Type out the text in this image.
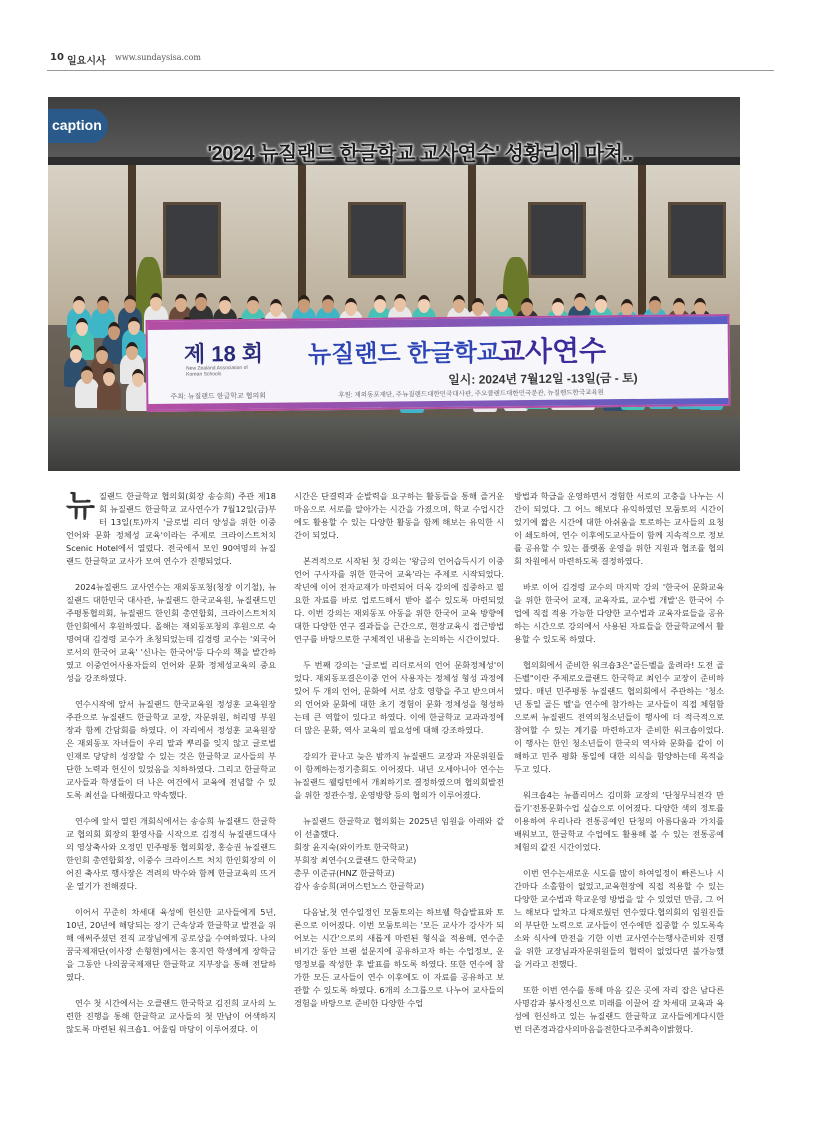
10 일요시사 www.sundaysisa.com
caption
'2024 뉴질랜드 한글학교 교사연수' 성황리에 마쳐..
제 18 회 뉴질랜드 한글학교
교사연수
New Zealand Association of Korean Schools	일시: 2024년 7월12일 -13일(금 - 토)
주최: 뉴질랜드 한글학교 협의회	후원: 재외동포재단, 주뉴질랜드대한민국대사관, 주오클랜드대한민국분관, 뉴질랜드한국교육원

뉴질랜드 한글학교 협의회(회장 송승희) 주관 제18회 뉴질랜드 한글학교 교사연수가 7월12일(금)부터 13일(토)까지 '글로벌 리더 양성을 위한 이중언어와 문화 정체성 교육'이라는 주제로 크라이스트처치 Scenic Hotel에서 열렸다. 전국에서 모인 90여명의 뉴질랜드 한글학교 교사가 모여 연수가 진행되었다.

2024뉴질랜드 교사연수는 재외동포청(청장 이기철), 뉴질랜드 대한민국 대사관, 뉴질랜드 한국교육원, 뉴질랜드민주평통협의회, 뉴질랜드 한인회 총연합회, 크라이스트처치 한인회에서 후원하였다. 올해는 재외동포청의 후원으로 숙명여대 김경령 교수가 초청되었는데 김경령 교수는 '외국어로서의 한국어 교육' '신나는 한국어'등 다수의 책을 발간하였고 이중언어사용자들의 언어와 문화 정체성교육의 중요성을 강조하였다.

연수시작에 앞서 뉴질랜드 한국교육원 정성훈 교육원장 주관으로 뉴질랜드 한글학교 교장, 자문위원, 허리명 부원장과 함께 간담회를 하였다. 이 자리에서 정성훈 교육원장은 재외동포 자녀들이 우리 말과 뿌리를 잊지 않고 글로벌 인재로 당당히 성장할 수 있는 것은 한글학교 교사들의 부단한 노력과 헌신이 있었음을 치하하였다. 그리고 한글학교 교사들과 학생들이 더 나은 여건에서 교육에 전념할 수 있도록 최선을 다해줬다고 약속했다.

연수에 앞서 열린 개회식에서는 송승희 뉴질랜드 한글학교 협의회 회장의 환영사를 시작으로 김정식 뉴질랜드대사의 영상축사와 오정민 민주평통 협의회장, 홍승권 뉴질랜드 한인회 총연합회장, 이중수 크라이스트 처치 한인회장의 이어진 축사로 행사장은 격려의 박수와 함께 한글교육의 뜨거운 열기가 전해졌다.

이어서 꾸준히 차세대 육성에 헌신한 교사들에게 5년, 10년, 20년에 해당되는 장기 근속상과 한글학교 발전을 위해 애써주셨던 전직 교장님에게 공로상을 수여하였다. 나의꿈국제재단(이사장 손형현)에서는 홍지연 학생에게 장학금을 그동안 나의꿈국제재단 한글학교 지부장을 통해 전달하였다.

연수 첫 시간에서는 오클랜드 한국학교 김진희 교사의 노련한 진행을 통해 한글학교 교사들의 첫 만남이 어색하지 않도록 마련된 워크숍1. 어울림 마당이 이루어졌다. 이

시간은 단결력과 순발력을 요구하는 활동들을 통해 즐거운 마음으로 서로를 알아가는 시간을 가졌으며, 학교 수업시간에도 활용할 수 있는 다양한 활동을 함께 해보는 유익한 시간이 되었다.

본격적으로 시작된 첫 강의는 '왕금의 언어습득시기 이중언어 구사자를 위한 한국어 교육'라는 주제로 시작되었다. 작년에 이어 전자교재가 마련되어 더욱 강의에 집중하고 필요한 자료를 바로 업로드해서 받아 볼수 있도록 마련되었다. 이번 강의는 재외동포 아동을 위한 한국어 교육 방향에 대한 다양한 연구 결과들을 근간으로, 현장교육시 접근방법 연구를 바탕으로한 구체적인 내용을 논의하는 시간이었다.

두 번째 강의는 '글로벌 리더로서의 언어 문화정체성'이었다. 재외동포결은이중 언어 사용자는 정체성 형성 과정에 있어 두 개의 언어, 문화에 서로 상호 영향을 주고 받으며서의 언어와 문화에 대한 초기 경험이 문화 정체성을 형성하는데 큰 역할이 있다고 하였다. 이에 한글학교 교과과정에 더 많은 문화, 역사 교육의 필요성에 대해 강조하였다.

강의가 끝나고 늦은 밤까지 뉴질랜드 교장과 자문위원들이 함께하는정기총회도 이어졌다. 내년 오세아니아 연수는 뉴질랜드 웰링턴에서 개최하기로 결정하였으며 협의회발전을 위한 정관수정, 운영방향 등의 협의가 이루어졌다.

뉴질랜드 한글학교 협의회는 2025년 임원을 아래와 같이 선출했다.

회장 윤지숙(와이카토 한국학교)
부회장 최연수(오클랜드 한국학교)
총무 이준규(HNZ 한글학교)
감사 송승희(퍼머스턴노스 한글학교)

다음날,첫 연수일정인 모둠토의는 하브웰 학습발표와 토론으로 이어졌다. 이번 모둠토의는 '모든 교사가 강사가 되어보는 시간'으로의 새롭게 마련된 형식을 적용해, 연수준비기간 동안 브랜 설문지에 공유하고자 하는 수업정보, 운영정보를 작성한 후 발표를 하도록 하였다. 또한 연수에 참가한 모든 교사들이 연수 이후에도 이 자료를 공유하고 보관할 수 있도록 하였다. 6개의 소그룹으로 나누어 교사들의 경험을 바탕으로 준비한 다양한 수업

방법과 학급을 운영하면서 경험한 서로의 고충을 나누는 시간이 되었다. 그 어느 해보다 유익하였던 모둠토의 시간이었기에 짧은 시간에 대한 아쉬움을 토로하는 교사들의 요청이 쇄도하여, 연수 이후에도교사들이 함께 지속적으로 정보를 공유할 수 있는 플랫폼 운영을 위한 지원과 협조를 협의회 차원에서 마련하도록 결정하였다.

바로 이어 김경령 교수의 마지막 강의 '한국어 문화교육을 위한 한국어 교재, 교육자료, 교수법 개발'은 한국어 수업에 직접 적용 가능한 다양한 교수법과 교육자료들을 공유하는 시간으로 강의에서 사용된 자료들을 한글학교에서 활용할 수 있도록 하였다.

협의회에서 준비한 워크숍3은"골든벨을 울려라! 도전 골든벨"이란 주제로오클랜드 한국학교 최인수 교장이 준비하였다. 매년 민주평통 뉴질랜드 협의회에서 주관하는 '청소년 통일 골든 벨'을 연수에 참가하는 교사들이 직접 체험함으로써 뉴질랜드 전역의청소년들이 행사에 더 적극적으로 참여할 수 있는 계기를 마련하고자 준비한 워크숍이었다. 이 행사는 한인 청소년들이 한국의 역사와 문화를 같이 이해하고 민주 평화 통일에 대한 의식을 함양하는데 목적을 두고 있다.

워크숍4는 뉴플리머스 김미화 교장의 '단청무늬전각 만들기'전통문화수업 실습으로 이어졌다. 다양한 색의 정토를 이용하여 우리나라 전통공예인 단청의 아름다움과 가치를 배워보고, 한글학교 수업에도 활용해 볼 수 있는 전통공예 체험의 값진 시간이었다.

이번 연수는새로운 시도를 많이 하여일정이 빠른느나 시간마다 소홀함이 없었고,교육현장에 직접 적용할 수 있는 다양한 교수법과 학교운영 방법을 알 수 있었던 만큼, 그 어느 해보다 알차고 다채로웠던 연수였다.협의회의 임원진들의 부단한 노력으로 교사들이 연수에만 집중할 수 있도록속소와 식사에 만전을 기한 이번 교사연수는행사준비와 진행을 위한 교장님과자문위원들의 협력이 없었다면 불가능했을 거라고 전했다.

또한 이번 연수를 통해 마음 깊은 곳에 자리 잡은 남다른 사명감과 봉사정신으로 미래를 이끌어 갈 차세대 교육과 육성에 헌신하고 있는 뉴질랜드 한글학교 교사들에게다시한 번 더존경과감사의마음을전한다고주최측이밝혔다.
